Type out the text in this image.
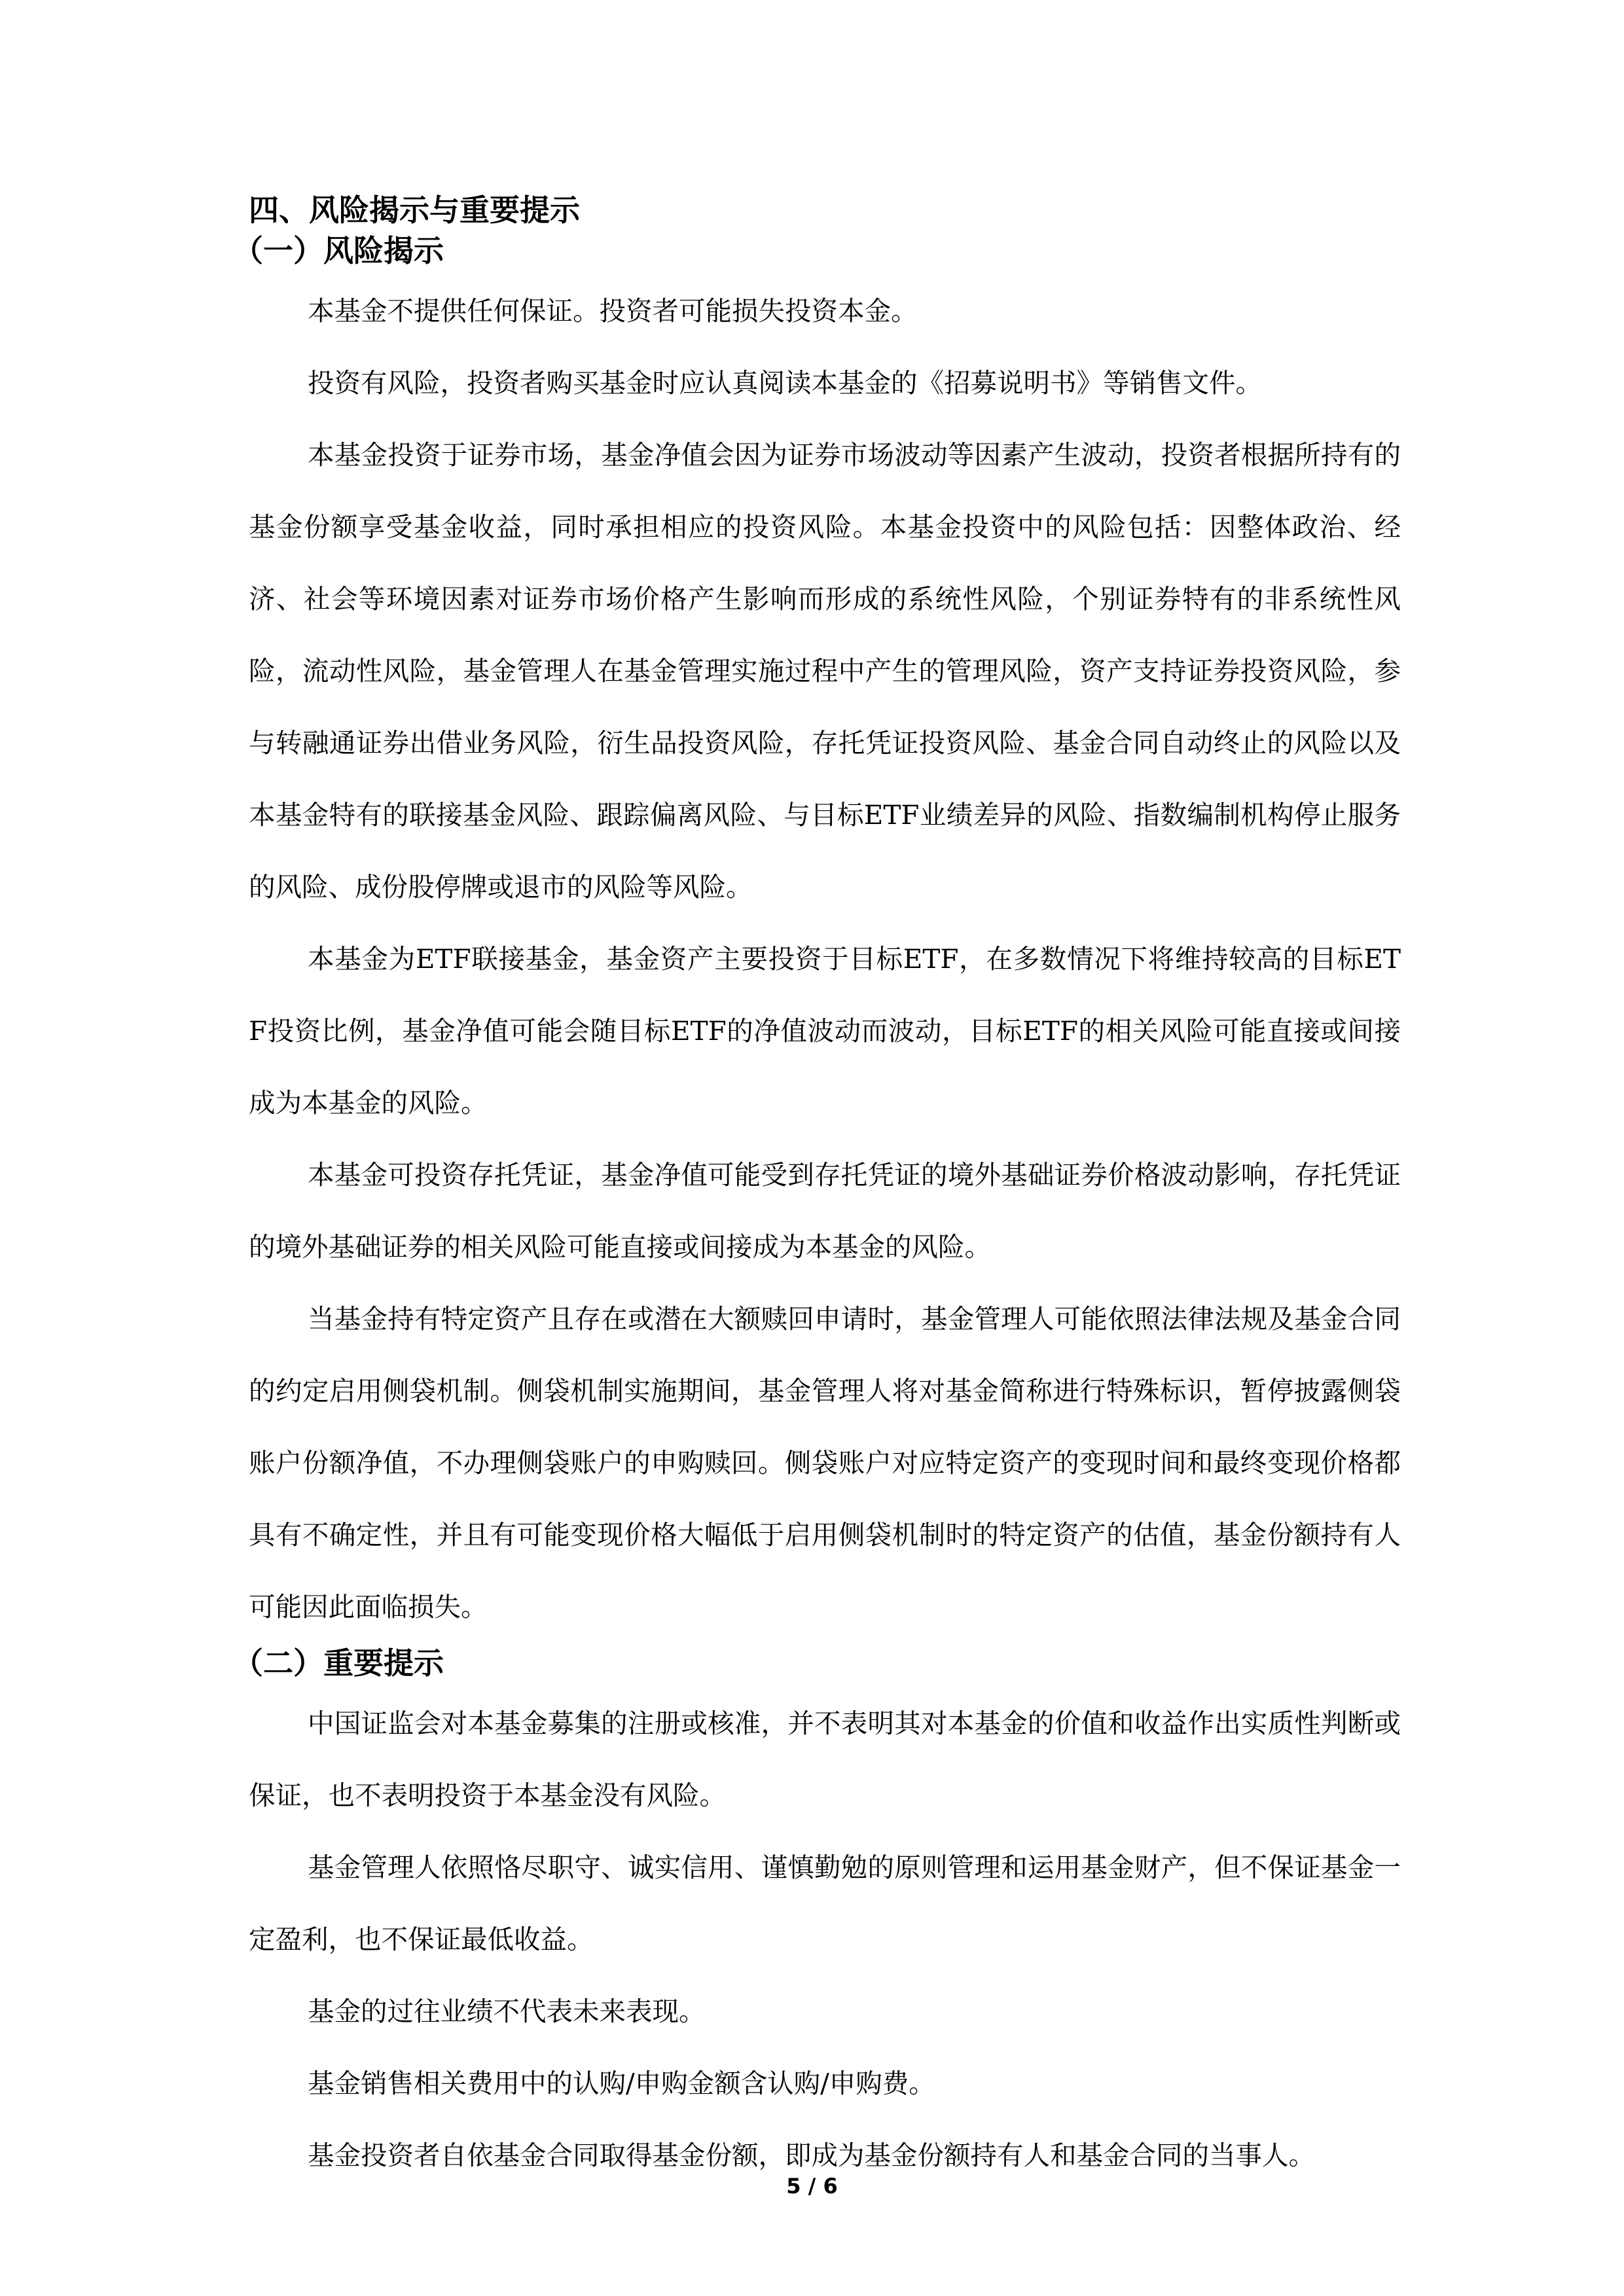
四、风险揭示与重要提示
（一）风险揭示

本基金不提供任何保证。投资者可能损失投资本金。

投资有风险，投资者购买基金时应认真阅读本基金的《招募说明书》等销售文件。

本基金投资于证券市场，基金净值会因为证券市场波动等因素产生波动，投资者根据所持有的基金份额享受基金收益，同时承担相应的投资风险。本基金投资中的风险包括：因整体政治、经济、社会等环境因素对证券市场价格产生影响而形成的系统性风险，个别证券特有的非系统性风险，流动性风险，基金管理人在基金管理实施过程中产生的管理风险，资产支持证券投资风险，参与转融通证券出借业务风险，衍生品投资风险，存托凭证投资风险、基金合同自动终止的风险以及本基金特有的联接基金风险、跟踪偏离风险、与目标ETF业绩差异的风险、指数编制机构停止服务的风险、成份股停牌或退市的风险等风险。

本基金为ETF联接基金，基金资产主要投资于目标ETF，在多数情况下将维持较高的目标ETF投资比例，基金净值可能会随目标ETF的净值波动而波动，目标ETF的相关风险可能直接或间接成为本基金的风险。

本基金可投资存托凭证，基金净值可能受到存托凭证的境外基础证券价格波动影响，存托凭证的境外基础证券的相关风险可能直接或间接成为本基金的风险。

当基金持有特定资产且存在或潜在大额赎回申请时，基金管理人可能依照法律法规及基金合同的约定启用侧袋机制。侧袋机制实施期间，基金管理人将对基金简称进行特殊标识，暂停披露侧袋账户份额净值，不办理侧袋账户的申购赎回。侧袋账户对应特定资产的变现时间和最终变现价格都具有不确定性，并且有可能变现价格大幅低于启用侧袋机制时的特定资产的估值，基金份额持有人可能因此面临损失。

（二）重要提示

中国证监会对本基金募集的注册或核准，并不表明其对本基金的价值和收益作出实质性判断或保证，也不表明投资于本基金没有风险。

基金管理人依照恪尽职守、诚实信用、谨慎勤勉的原则管理和运用基金财产，但不保证基金一定盈利，也不保证最低收益。

基金的过往业绩不代表未来表现。

基金销售相关费用中的认购/申购金额含认购/申购费。

基金投资者自依基金合同取得基金份额，即成为基金份额持有人和基金合同的当事人。

5 / 6
